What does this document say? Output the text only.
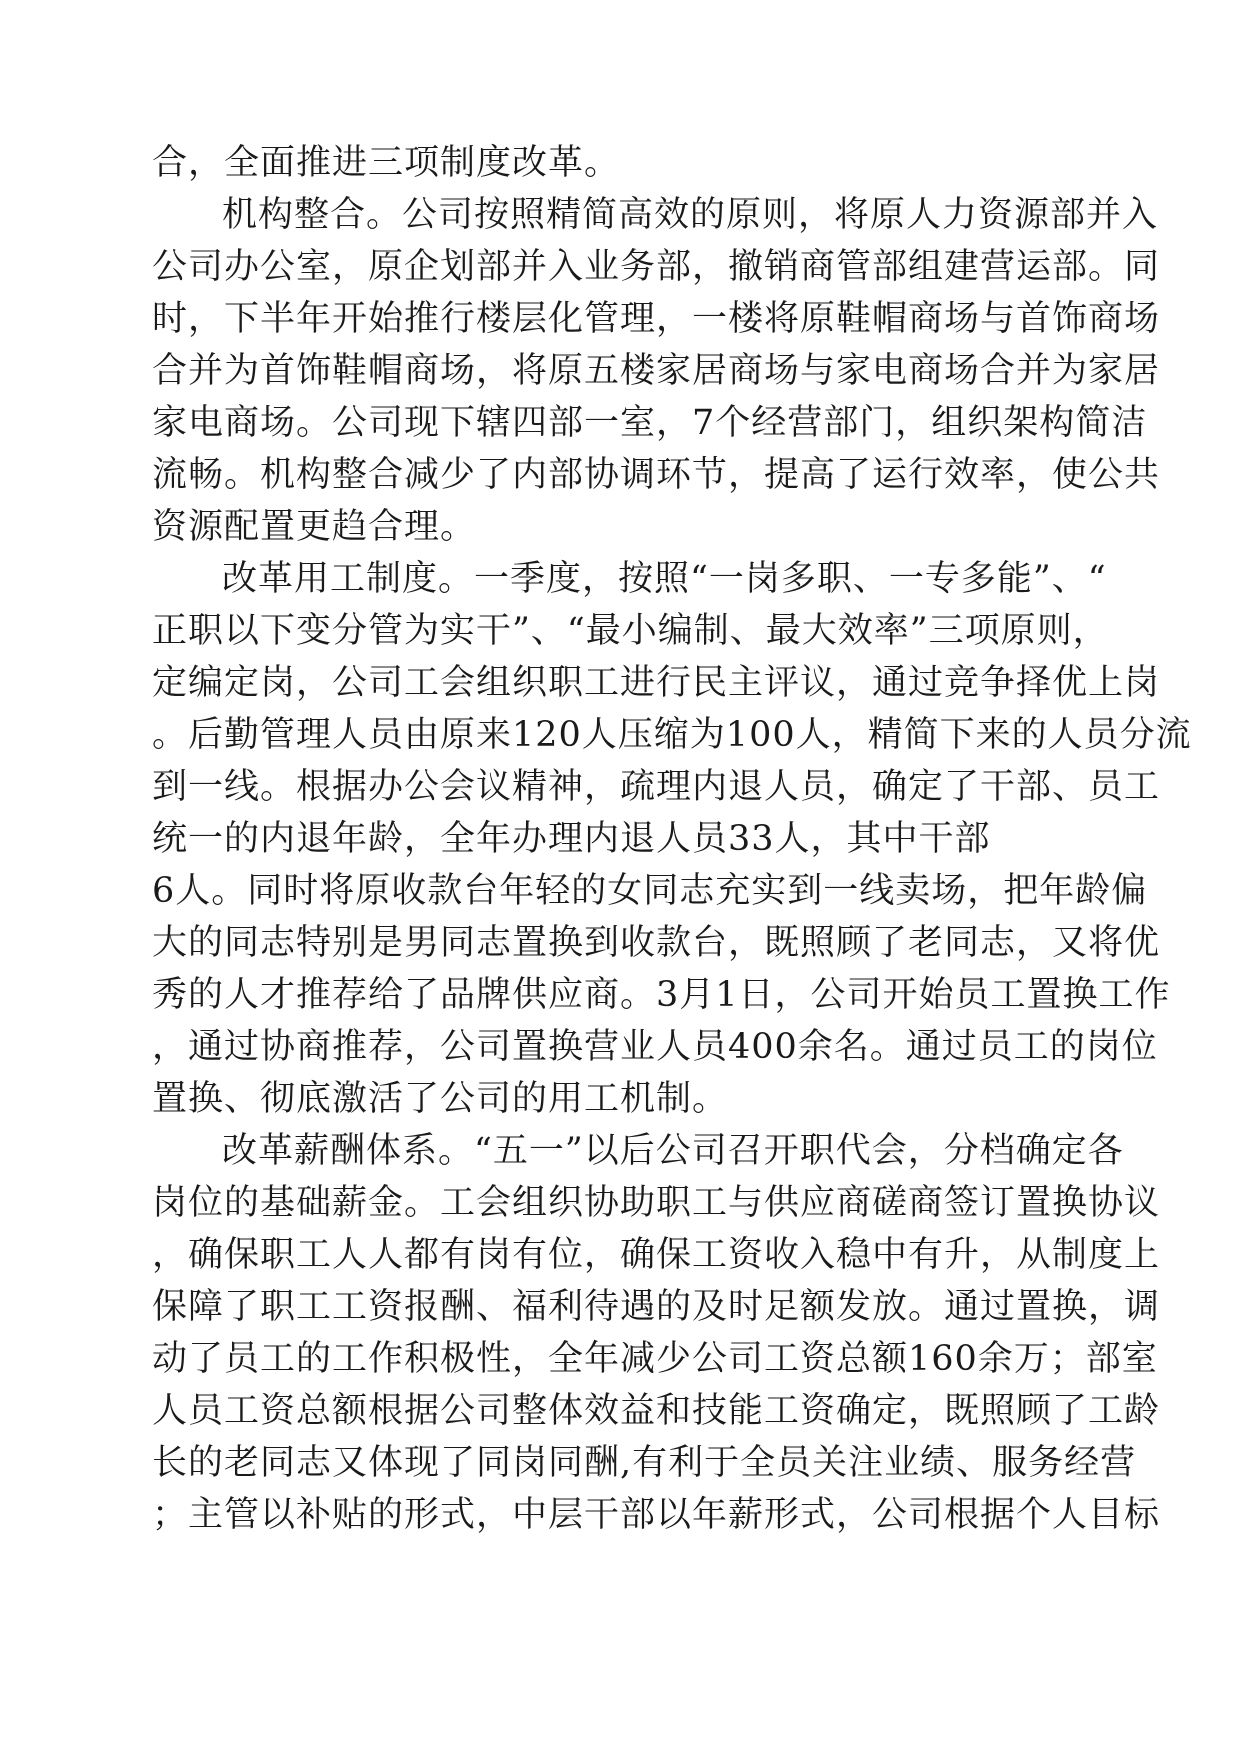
合，全面推进三项制度改革。
机构整合。公司按照精简高效的原则，将原人力资源部并入
公司办公室，原企划部并入业务部，撤销商管部组建营运部。同
时，下半年开始推行楼层化管理，一楼将原鞋帽商场与首饰商场
合并为首饰鞋帽商场，将原五楼家居商场与家电商场合并为家居
家电商场。公司现下辖四部一室，7个经营部门，组织架构简洁
流畅。机构整合减少了内部协调环节，提高了运行效率，使公共
资源配置更趋合理。
改革用工制度。一季度，按照“一岗多职、一专多能”、“
正职以下变分管为实干”、“最小编制、最大效率”三项原则，
定编定岗，公司工会组织职工进行民主评议，通过竞争择优上岗
。后勤管理人员由原来120人压缩为100人，精简下来的人员分流
到一线。根据办公会议精神，疏理内退人员，确定了干部、员工
统一的内退年龄，全年办理内退人员33人，其中干部
6人。同时将原收款台年轻的女同志充实到一线卖场，把年龄偏
大的同志特别是男同志置换到收款台，既照顾了老同志，又将优
秀的人才推荐给了品牌供应商。3月1日，公司开始员工置换工作
，通过协商推荐，公司置换营业人员400余名。通过员工的岗位
置换、彻底激活了公司的用工机制。
改革薪酬体系。“五一”以后公司召开职代会，分档确定各
岗位的基础薪金。工会组织协助职工与供应商磋商签订置换协议
，确保职工人人都有岗有位，确保工资收入稳中有升，从制度上
保障了职工工资报酬、福利待遇的及时足额发放。通过置换，调
动了员工的工作积极性，全年减少公司工资总额160余万；部室
人员工资总额根据公司整体效益和技能工资确定，既照顾了工龄
长的老同志又体现了同岗同酬,有利于全员关注业绩、服务经营
；主管以补贴的形式，中层干部以年薪形式，公司根据个人目标
